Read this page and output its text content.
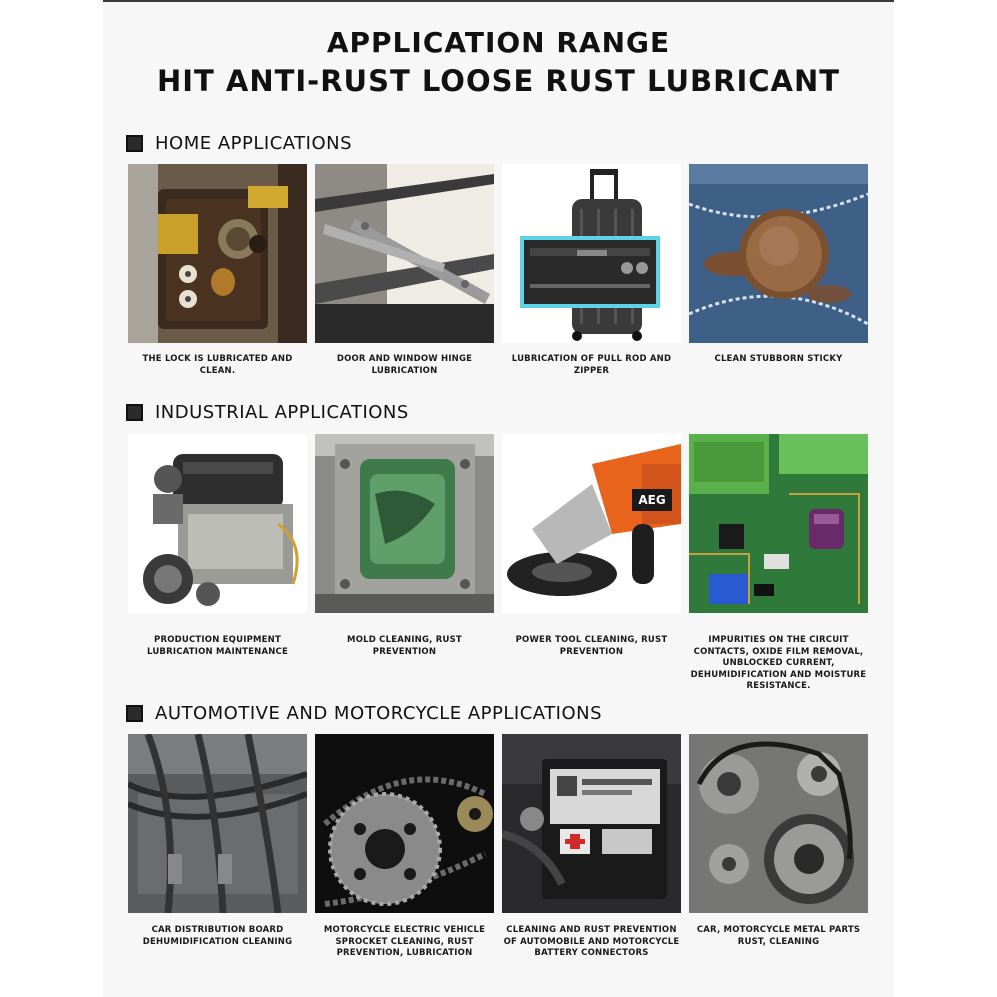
APPLICATION RANGE
HIT ANTI-RUST LOOSE RUST LUBRICANT
HOME APPLICATIONS
THE LOCK IS LUBRICATED AND CLEAN.
DOOR AND WINDOW HINGE LUBRICATION
LUBRICATION OF PULL ROD AND ZIPPER
CLEAN STUBBORN STICKY
INDUSTRIAL APPLICATIONS
PRODUCTION EQUIPMENT LUBRICATION MAINTENANCE
MOLD CLEANING, RUST PREVENTION
AEG
POWER TOOL CLEANING, RUST PREVENTION
IMPURITIES ON THE CIRCUIT CONTACTS, OXIDE FILM REMOVAL, UNBLOCKED CURRENT, DEHUMIDIFICATION AND MOISTURE RESISTANCE.
AUTOMOTIVE AND MOTORCYCLE APPLICATIONS
CAR DISTRIBUTION BOARD DEHUMIDIFICATION CLEANING
MOTORCYCLE ELECTRIC VEHICLE SPROCKET CLEANING, RUST PREVENTION, LUBRICATION
CLEANING AND RUST PREVENTION OF AUTOMOBILE AND MOTORCYCLE BATTERY CONNECTORS
CAR, MOTORCYCLE METAL PARTS RUST, CLEANING
